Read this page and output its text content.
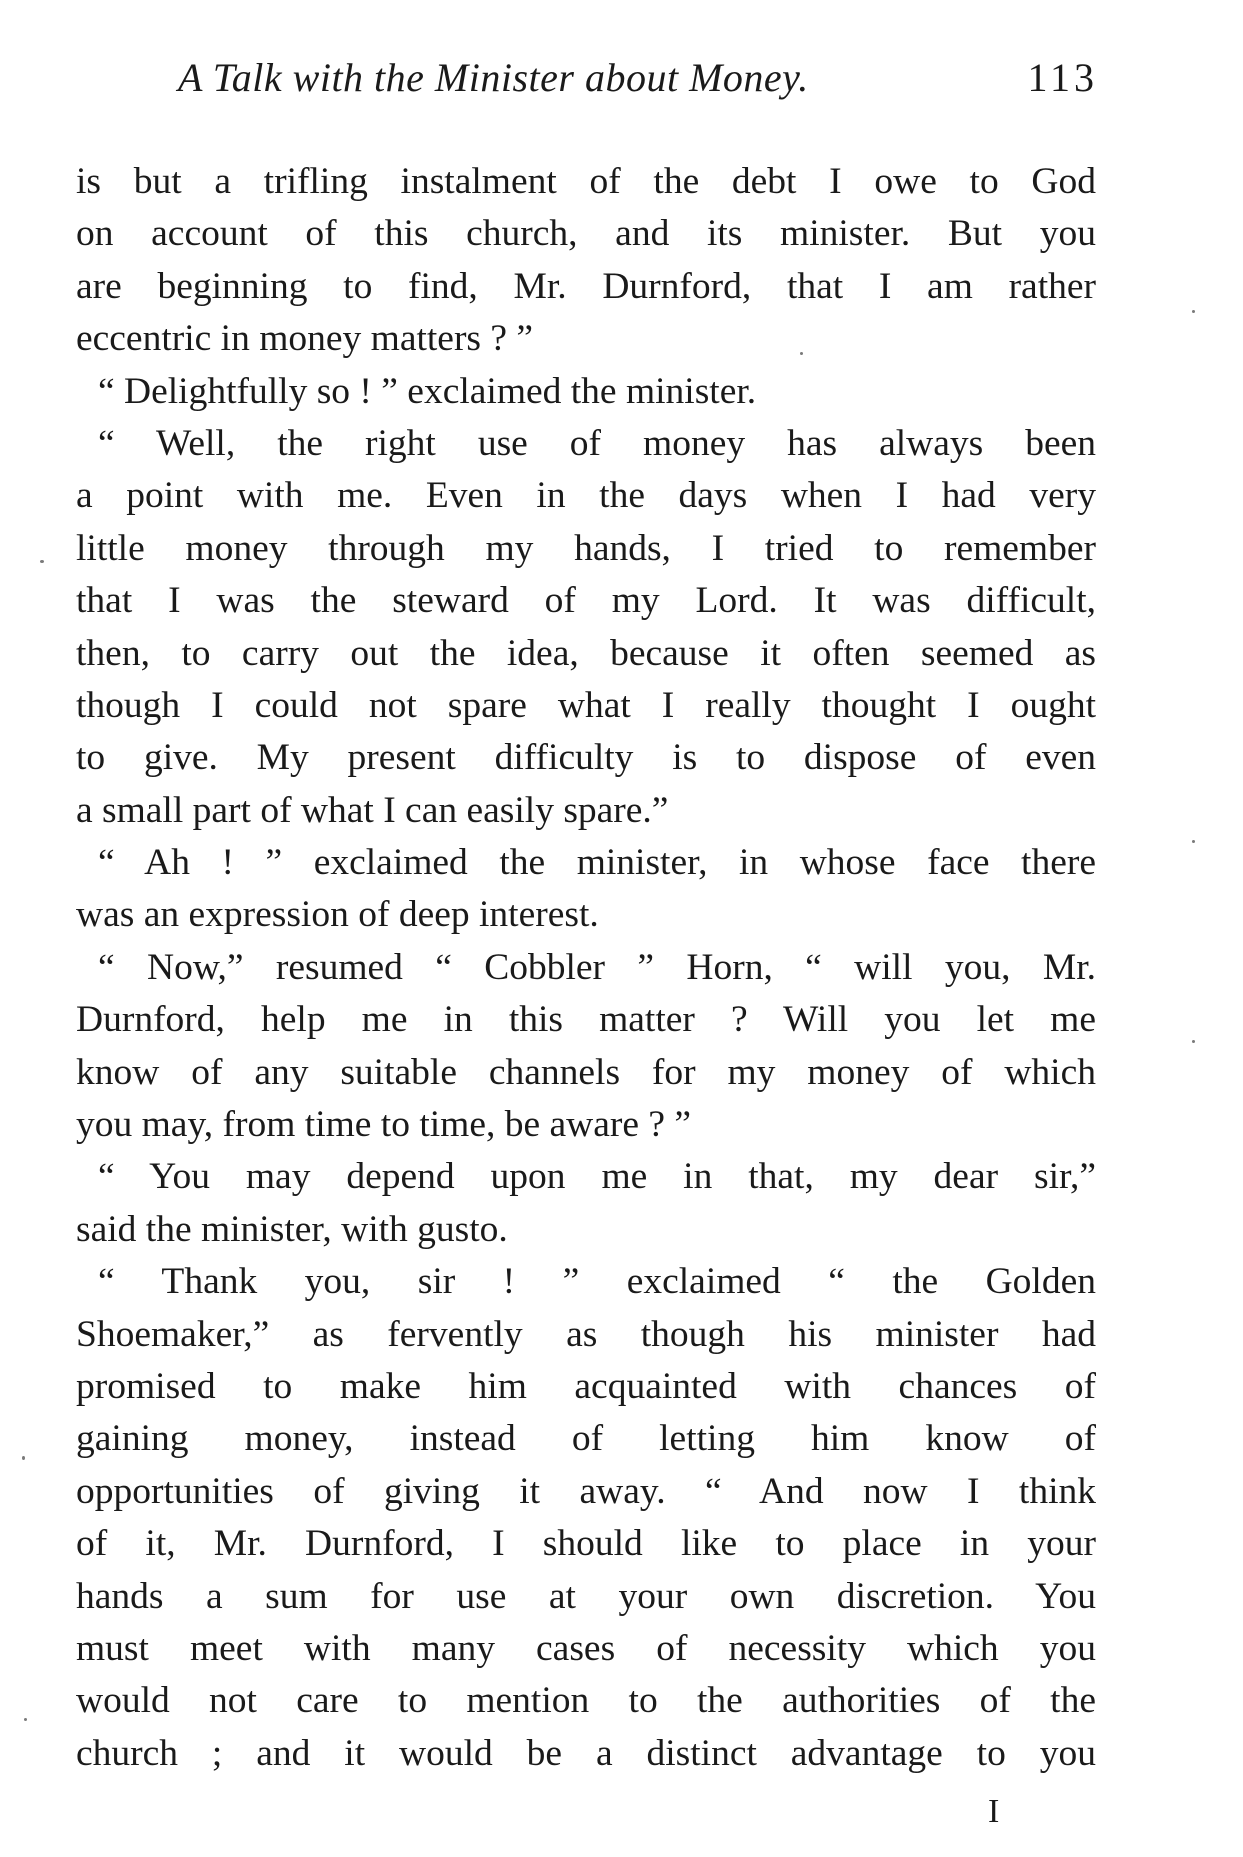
A Talk with the Minister about Money.	113
is but a trifling instalment of the debt I owe to God
on account of this church, and its minister. But you
are beginning to find, Mr. Durnford, that I am rather
eccentric in money matters ? ”
“ Delightfully so ! ” exclaimed the minister.
“ Well, the right use of money has always been
a point with me. Even in the days when I had very
little money through my hands, I tried to remember
that I was the steward of my Lord. It was difficult,
then, to carry out the idea, because it often seemed as
though I could not spare what I really thought I ought
to give. My present difficulty is to dispose of even
a small part of what I can easily spare.”
“ Ah ! ” exclaimed the minister, in whose face there
was an expression of deep interest.
“ Now,” resumed “ Cobbler ” Horn, “ will you, Mr.
Durnford, help me in this matter ? Will you let me
know of any suitable channels for my money of which
you may, from time to time, be aware ? ”
“ You may depend upon me in that, my dear sir,”
said the minister, with gusto.
“ Thank you, sir ! ” exclaimed “ the Golden
Shoemaker,” as fervently as though his minister had
promised to make him acquainted with chances of
gaining money, instead of letting him know of
opportunities of giving it away. “ And now I think
of it, Mr. Durnford, I should like to place in your
hands a sum for use at your own discretion. You
must meet with many cases of necessity which you
would not care to mention to the authorities of the
church ; and it would be a distinct advantage to you
I
